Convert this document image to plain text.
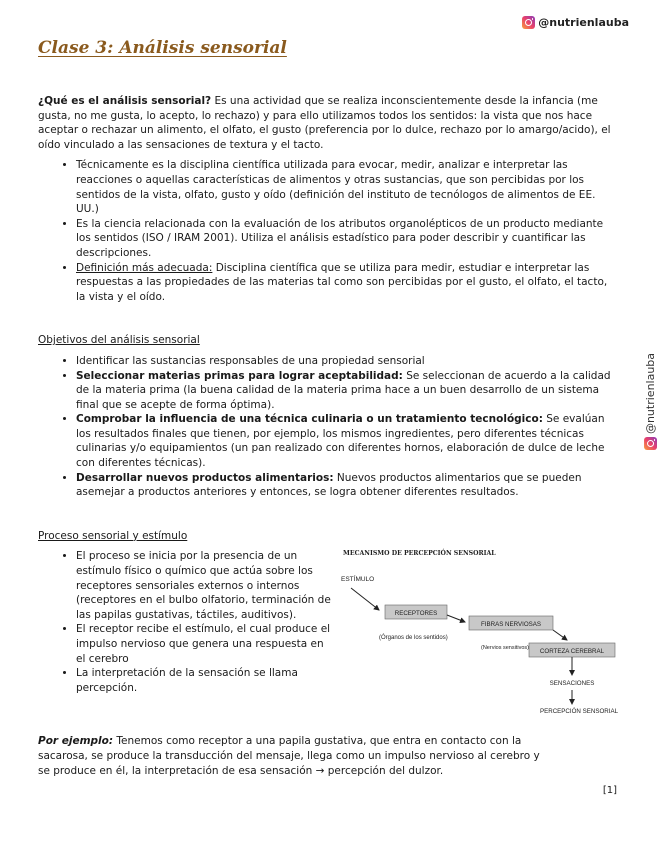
@nutrienlauba
@nutrienlauba
Clase 3: Análisis sensorial

¿Qué es el análisis sensorial? Es una actividad que se realiza inconscientemente desde la infancia (me gusta, no me gusta, lo acepto, lo rechazo) y para ello utilizamos todos los sentidos: la vista que nos hace aceptar o rechazar un alimento, el olfato, el gusto (preferencia por lo dulce, rechazo por lo amargo/acido), el oído vinculado a las sensaciones de textura y el tacto.

• Técnicamente es la disciplina científica utilizada para evocar, medir, analizar e interpretar las reacciones o aquellas características de alimentos y otras sustancias, que son percibidas por los sentidos de la vista, olfato, gusto y oído (definición del instituto de tecnólogos de alimentos de EE. UU.)
• Es la ciencia relacionada con la evaluación de los atributos organolépticos de un producto mediante los sentidos (ISO / IRAM 2001). Utiliza el análisis estadístico para poder describir y cuantificar las descripciones.
• Definición más adecuada: Disciplina científica que se utiliza para medir, estudiar e interpretar las respuestas a las propiedades de las materias tal como son percibidas por el gusto, el olfato, el tacto, la vista y el oído.

Objetivos del análisis sensorial

• Identificar las sustancias responsables de una propiedad sensorial
• Seleccionar materias primas para lograr aceptabilidad: Se seleccionan de acuerdo a la calidad de la materia prima (la buena calidad de la materia prima hace a un buen desarrollo de un sistema final que se acepte de forma óptima).
• Comprobar la influencia de una técnica culinaria o un tratamiento tecnológico: Se evalúan los resultados finales que tienen, por ejemplo, los mismos ingredientes, pero diferentes técnicas culinarias y/o equipamientos (un pan realizado con diferentes hornos, elaboración de dulce de leche con diferentes técnicas).
• Desarrollar nuevos productos alimentarios: Nuevos productos alimentarios que se pueden asemejar a productos anteriores y entonces, se logra obtener diferentes resultados.

Proceso sensorial y estímulo

• El proceso se inicia por la presencia de un estímulo físico o químico que actúa sobre los receptores sensoriales externos o internos (receptores en el bulbo olfatorio, terminación de las papilas gustativas, táctiles, auditivos).
• El receptor recibe el estímulo, el cual produce el impulso nervioso que genera una respuesta en el cerebro
• La interpretación de la sensación se llama percepción.
MECANISMO DE PERCEPCIÓN SENSORIAL
ESTÍMULO
RECEPTORES
(Órganos de los sentidos)
FIBRAS NERVIOSAS
(Nervios sensitivos) CORTEZA CEREBRAL
SENSACIONES
PERCEPCIÓN SENSORIAL

Por ejemplo: Tenemos como receptor a una papila gustativa, que entra en contacto con la sacarosa, se produce la transducción del mensaje, llega como un impulso nervioso al cerebro y se produce en él, la interpretación de esa sensación → percepción del dulzor.

[1]
